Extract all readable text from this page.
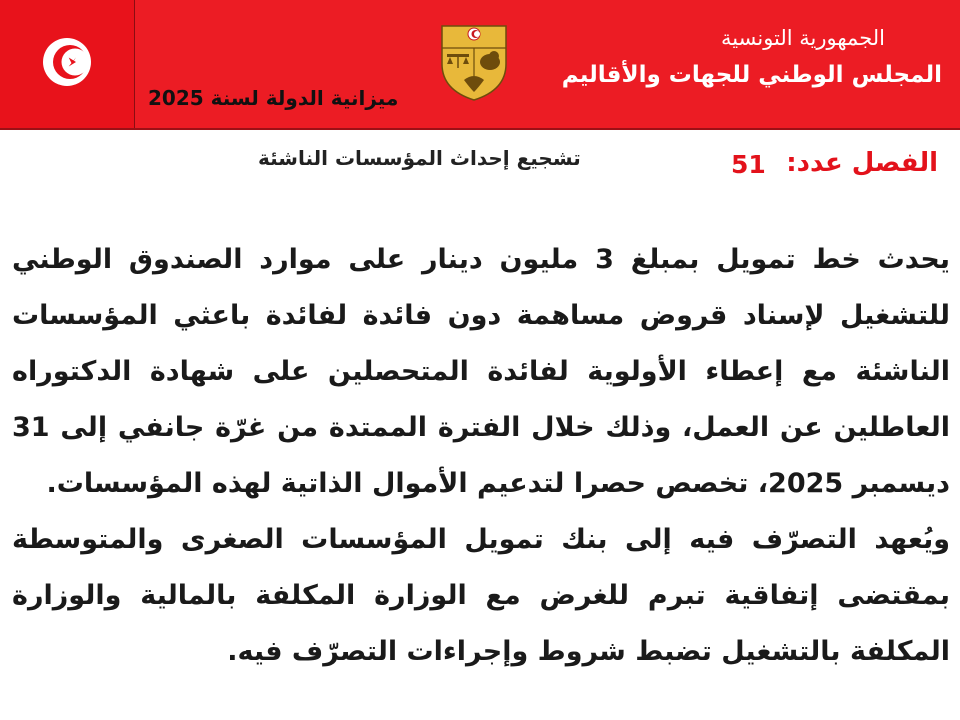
الجمهورية التونسية
المجلس الوطني للجهات والأقاليم
ميزانية الدولة لسنة 2025
الفصل عدد:
51
تشجيع إحداث المؤسسات الناشئة

يحدث خط تمويل بمبلغ 3 مليون دينار على موارد الصندوق الوطني للتشغيل لإسناد قروض مساهمة دون فائدة لفائدة باعثي المؤسسات الناشئة مع إعطاء الأولوية لفائدة المتحصلين على شهادة الدكتوراه العاطلين عن العمل، وذلك خلال الفترة الممتدة من غرّة جانفي إلى 31 ديسمبر 2025، تخصص حصرا لتدعيم الأموال الذاتية لهذه المؤسسات.

ويُعهد التصرّف فيه إلى بنك تمويل المؤسسات الصغرى والمتوسطة بمقتضى إتفاقية تبرم للغرض مع الوزارة المكلفة بالمالية والوزارة المكلفة بالتشغيل تضبط شروط وإجراءات التصرّف فيه.
